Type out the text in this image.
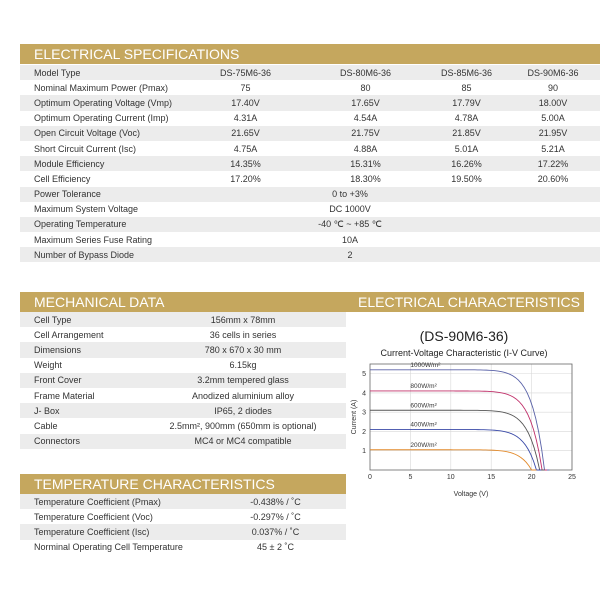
ELECTRICAL SPECIFICATIONS
Model Type	DS-75M6-36		DS-80M6-36		DS-85M6-36		DS-90M6-36
Nominal Maximum Power (Pmax)	75		80		85		90
Optimum Operating Voltage (Vmp)	17.40V		17.65V		17.79V		18.00V
Optimum Operating Current (Imp)	4.31A		4.54A		4.78A		5.00A
Open Circuit Voltage (Voc)	21.65V		21.75V		21.85V		21.95V
Short Circuit Current (Isc)	4.75A		4.88A		5.01A		5.21A
Module Efficiency	14.35%		15.31%		16.26%		17.22%
Cell Efficiency	17.20%		18.30%		19.50%		20.60%
Power Tolerance		0 to +3%		
Maximum System Voltage		DC 1000V		
Operating Temperature		-40 ℃ ~ +85 ℃		
Maximum Series Fuse Rating		10A		
Number of Bypass Diode		2		
MECHANICAL DATA
Cell Type	156mm x 78mm
Cell Arrangement	36 cells in series
Dimensions	780 x 670 x 30 mm
Weight	6.15kg
Front Cover	3.2mm tempered glass
Frame Material	Anodized aluminium alloy
J- Box	IP65, 2 diodes
Cable	2.5mm², 900mm (650mm is optional)
Connectors	MC4 or MC4 compatible
TEMPERATURE CHARACTERISTICS
Temperature Coefficient (Pmax)	-0.438% / ˚C
Temperature Coefficient (Voc)	-0.297% / ˚C
Temperature Coefficient (Isc)	0.037% / ˚C
Norminal Operating Cell Temperature	45 ± 2 ˚C
ELECTRICAL CHARACTERISTICS
(DS-90M6-36)
Current-Voltage Characteristic (I-V Curve)
0	5	10	15	20	25
1
2
3
4
5
Voltage (V)
Current (A)
1000W/m²
800W/m²
600W/m²
400W/m²
200W/m²
